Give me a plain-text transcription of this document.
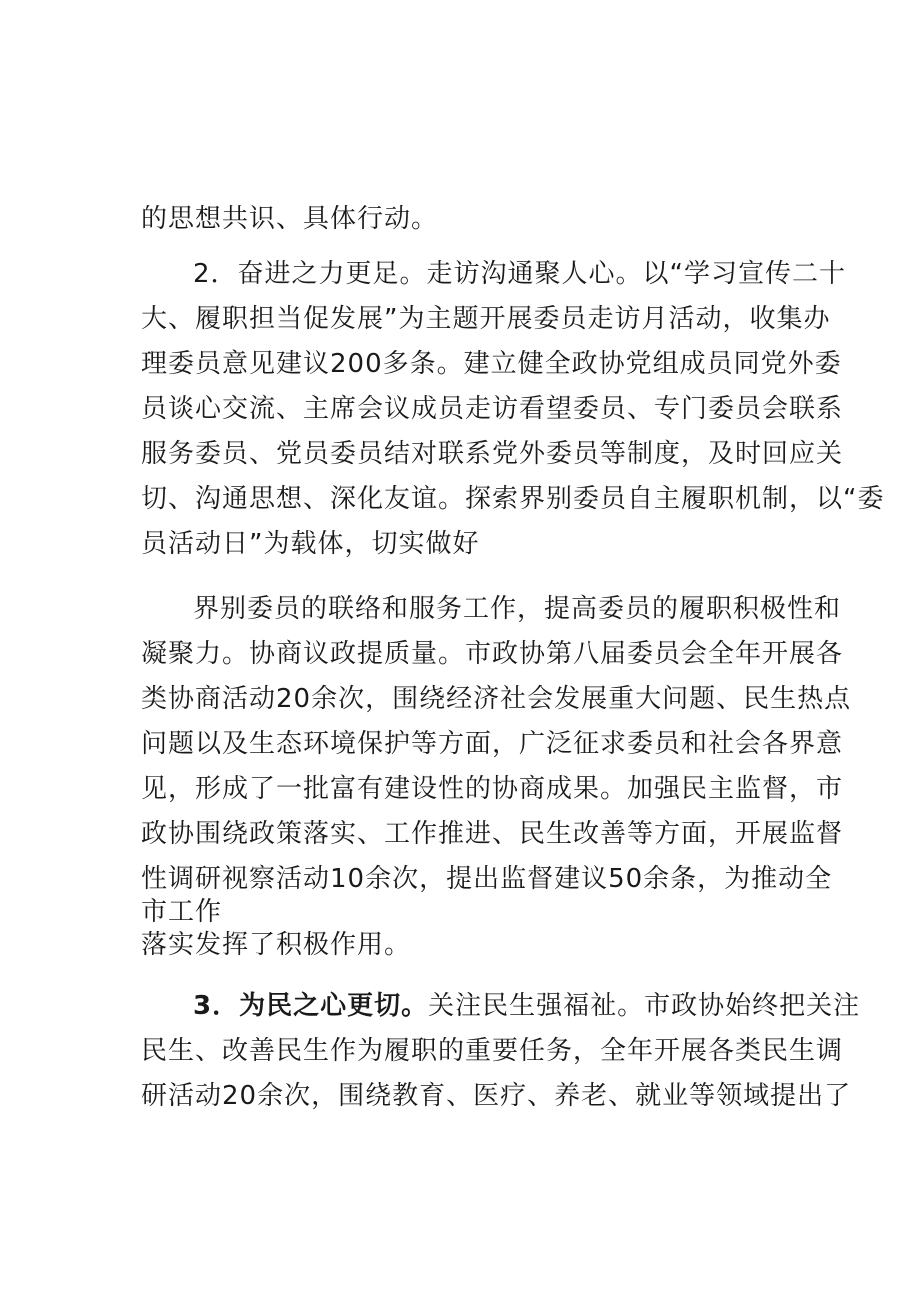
的思想共识、具体行动。
2．奋进之力更足。走访沟通聚人心。以“学习宣传二十
大、履职担当促发展”为主题开展委员走访月活动，收集办
理委员意见建议200多条。建立健全政协党组成员同党外委
员谈心交流、主席会议成员走访看望委员、专门委员会联系
服务委员、党员委员结对联系党外委员等制度，及时回应关
切、沟通思想、深化友谊。探索界别委员自主履职机制，以“委
员活动日”为载体，切实做好
界别委员的联络和服务工作，提高委员的履职积极性和
凝聚力。协商议政提质量。市政协第八届委员会全年开展各
类协商活动20余次，围绕经济社会发展重大问题、民生热点
问题以及生态环境保护等方面，广泛征求委员和社会各界意
见，形成了一批富有建设性的协商成果。加强民主监督，市
政协围绕政策落实、工作推进、民生改善等方面，开展监督
性调研视察活动10余次，提出监督建议50余条，为推动全
市工作
落实发挥了积极作用。
3．为民之心更切。关注民生强福祉。市政协始终把关注
民生、改善民生作为履职的重要任务，全年开展各类民生调
研活动20余次，围绕教育、医疗、养老、就业等领域提出了
